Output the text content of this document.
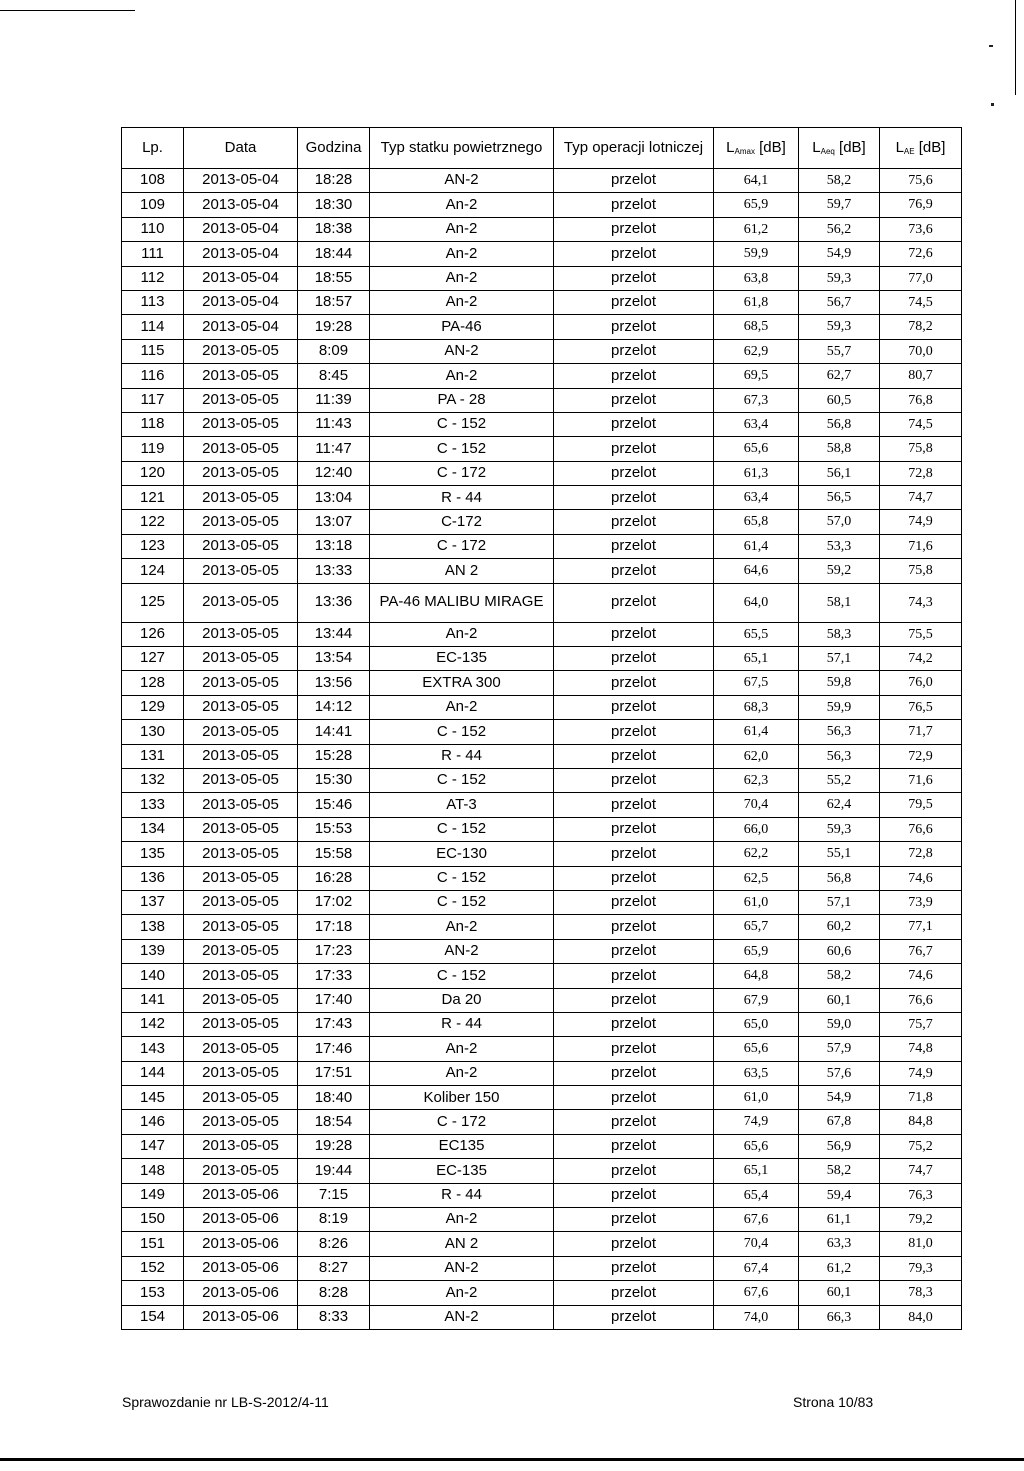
Lp.	Data	Godzina	Typ statku powietrznego	Typ operacji lotniczej	$L_{Amax}$ [dB]	$L_{Aeq}$ [dB]	$L_{AE}$ [dB]
108	2013-05-04	18:28	AN-2	przelot	64,1	58,2	75,6
109	2013-05-04	18:30	An-2	przelot	65,9	59,7	76,9
110	2013-05-04	18:38	An-2	przelot	61,2	56,2	73,6
111	2013-05-04	18:44	An-2	przelot	59,9	54,9	72,6
112	2013-05-04	18:55	An-2	przelot	63,8	59,3	77,0
113	2013-05-04	18:57	An-2	przelot	61,8	56,7	74,5
114	2013-05-04	19:28	PA-46	przelot	68,5	59,3	78,2
115	2013-05-05	8:09	AN-2	przelot	62,9	55,7	70,0
116	2013-05-05	8:45	An-2	przelot	69,5	62,7	80,7
117	2013-05-05	11:39	PA - 28	przelot	67,3	60,5	76,8
118	2013-05-05	11:43	C - 152	przelot	63,4	56,8	74,5
119	2013-05-05	11:47	C - 152	przelot	65,6	58,8	75,8
120	2013-05-05	12:40	C - 172	przelot	61,3	56,1	72,8
121	2013-05-05	13:04	R - 44	przelot	63,4	56,5	74,7
122	2013-05-05	13:07	C-172	przelot	65,8	57,0	74,9
123	2013-05-05	13:18	C - 172	przelot	61,4	53,3	71,6
124	2013-05-05	13:33	AN 2	przelot	64,6	59,2	75,8
125	2013-05-05	13:36	PA-46 MALIBU MIRAGE	przelot	64,0	58,1	74,3
126	2013-05-05	13:44	An-2	przelot	65,5	58,3	75,5
127	2013-05-05	13:54	EC-135	przelot	65,1	57,1	74,2
128	2013-05-05	13:56	EXTRA 300	przelot	67,5	59,8	76,0
129	2013-05-05	14:12	An-2	przelot	68,3	59,9	76,5
130	2013-05-05	14:41	C - 152	przelot	61,4	56,3	71,7
131	2013-05-05	15:28	R - 44	przelot	62,0	56,3	72,9
132	2013-05-05	15:30	C - 152	przelot	62,3	55,2	71,6
133	2013-05-05	15:46	AT-3	przelot	70,4	62,4	79,5
134	2013-05-05	15:53	C - 152	przelot	66,0	59,3	76,6
135	2013-05-05	15:58	EC-130	przelot	62,2	55,1	72,8
136	2013-05-05	16:28	C - 152	przelot	62,5	56,8	74,6
137	2013-05-05	17:02	C - 152	przelot	61,0	57,1	73,9
138	2013-05-05	17:18	An-2	przelot	65,7	60,2	77,1
139	2013-05-05	17:23	AN-2	przelot	65,9	60,6	76,7
140	2013-05-05	17:33	C - 152	przelot	64,8	58,2	74,6
141	2013-05-05	17:40	Da 20	przelot	67,9	60,1	76,6
142	2013-05-05	17:43	R - 44	przelot	65,0	59,0	75,7
143	2013-05-05	17:46	An-2	przelot	65,6	57,9	74,8
144	2013-05-05	17:51	An-2	przelot	63,5	57,6	74,9
145	2013-05-05	18:40	Koliber 150	przelot	61,0	54,9	71,8
146	2013-05-05	18:54	C - 172	przelot	74,9	67,8	84,8
147	2013-05-05	19:28	EC135	przelot	65,6	56,9	75,2
148	2013-05-05	19:44	EC-135	przelot	65,1	58,2	74,7
149	2013-05-06	7:15	R - 44	przelot	65,4	59,4	76,3
150	2013-05-06	8:19	An-2	przelot	67,6	61,1	79,2
151	2013-05-06	8:26	AN 2	przelot	70,4	63,3	81,0
152	2013-05-06	8:27	AN-2	przelot	67,4	61,2	79,3
153	2013-05-06	8:28	An-2	przelot	67,6	60,1	78,3
154	2013-05-06	8:33	AN-2	przelot	74,0	66,3	84,0
Sprawozdanie nr LB-S-2012/4-11	Strona 10/83
